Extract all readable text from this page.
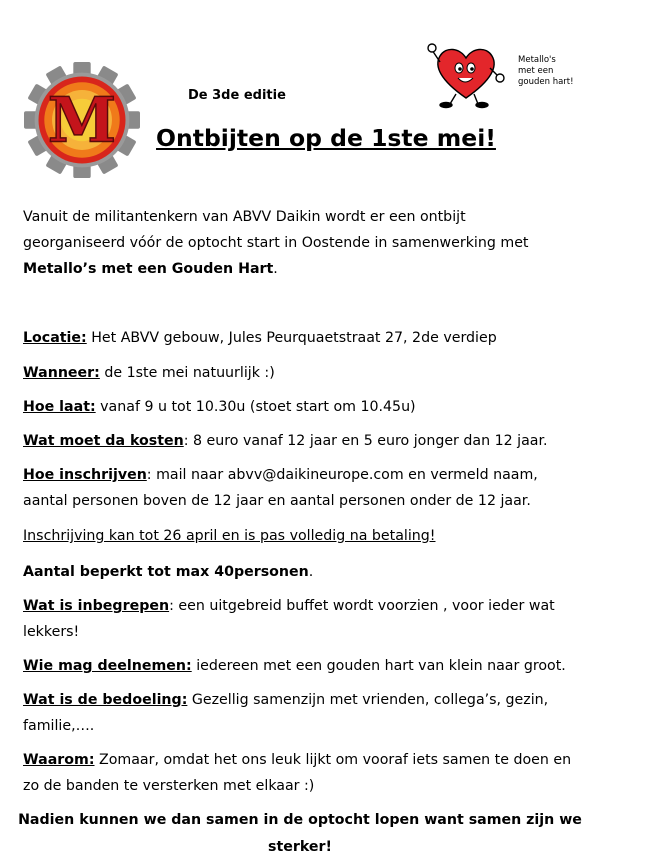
M
Metallo's
met een
gouden hart!
De 3de editie
Ontbijten op de 1ste mei!
Vanuit de militantenkern van ABVV Daikin wordt er een ontbijt
georganiseerd vóór de optocht start in Oostende in samenwerking met
Metallo’s met een Gouden Hart.
Locatie: Het ABVV gebouw, Jules Peurquaetstraat 27, 2de verdiep
Wanneer: de 1ste mei natuurlijk :)
Hoe laat: vanaf 9 u tot 10.30u (stoet start om 10.45u)
Wat moet da kosten: 8 euro vanaf 12 jaar en 5 euro jonger dan 12 jaar.
Hoe inschrijven: mail naar abvv@daikineurope.com en vermeld naam,
aantal personen boven de 12 jaar en aantal personen onder de 12 jaar.
Inschrijving kan tot 26 april en is pas volledig na betaling!
Aantal beperkt tot max 40personen.
Wat is inbegrepen: een uitgebreid buffet wordt voorzien , voor ieder wat
lekkers!
Wie mag deelnemen: iedereen met een gouden hart van klein naar groot.
Wat is de bedoeling: Gezellig samenzijn met vrienden, collega’s, gezin,
familie,….
Waarom: Zomaar, omdat het ons leuk lijkt om vooraf iets samen te doen en
zo de banden te versterken met elkaar :)
Nadien kunnen we dan samen in de optocht lopen want samen zijn we
sterker!
